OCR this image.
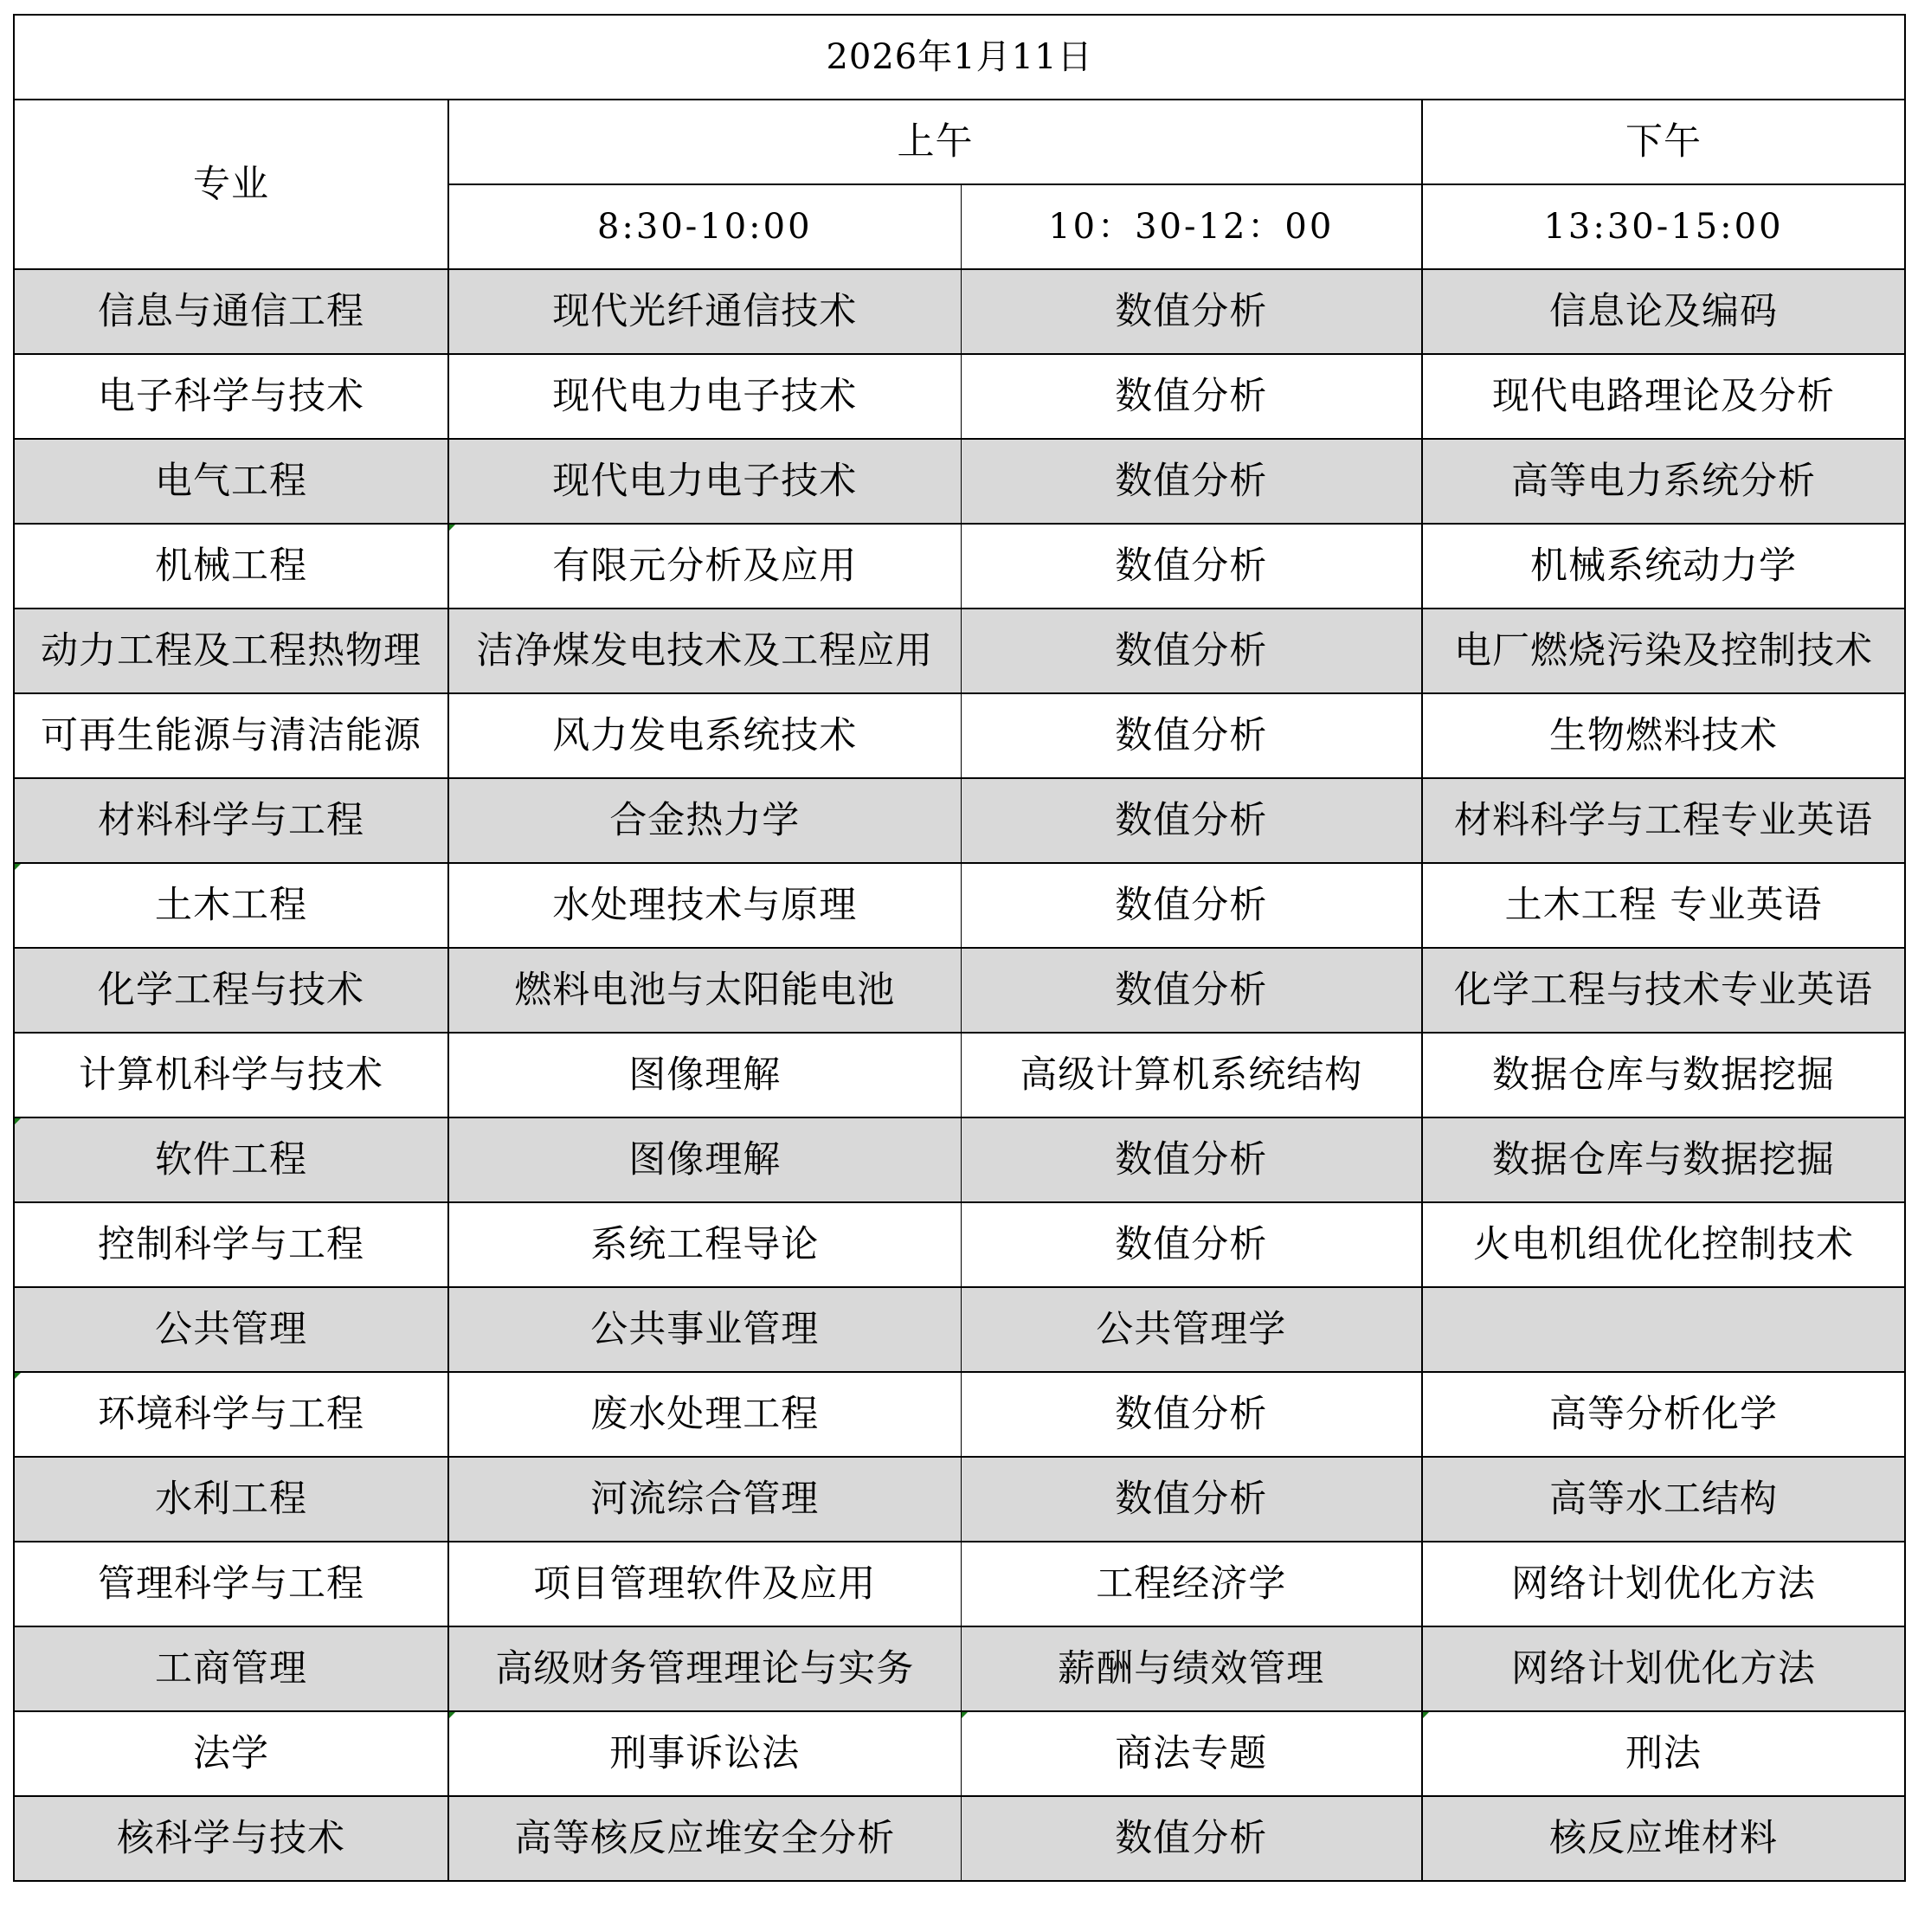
2026年1月11日			
专业	上午		下午
	8:30-10:00	10：30-12：00	13:30-15:00
信息与通信工程	现代光纤通信技术	数值分析	信息论及编码
电子科学与技术	现代电力电子技术	数值分析	现代电路理论及分析
电气工程	现代电力电子技术	数值分析	高等电力系统分析
机械工程	有限元分析及应用	数值分析	机械系统动力学
动力工程及工程热物理	洁净煤发电技术及工程应用	数值分析	电厂燃烧污染及控制技术
可再生能源与清洁能源	风力发电系统技术	数值分析	生物燃料技术
材料科学与工程	合金热力学	数值分析	材料科学与工程专业英语
土木工程	水处理技术与原理	数值分析	土木工程 专业英语
化学工程与技术	燃料电池与太阳能电池	数值分析	化学工程与技术专业英语
计算机科学与技术	图像理解	高级计算机系统结构	数据仓库与数据挖掘
软件工程	图像理解	数值分析	数据仓库与数据挖掘
控制科学与工程	系统工程导论	数值分析	火电机组优化控制技术
公共管理	公共事业管理	公共管理学	
环境科学与工程	废水处理工程	数值分析	高等分析化学
水利工程	河流综合管理	数值分析	高等水工结构
管理科学与工程	项目管理软件及应用	工程经济学	网络计划优化方法
工商管理	高级财务管理理论与实务	薪酬与绩效管理	网络计划优化方法
法学	刑事诉讼法	商法专题	刑法
核科学与技术	高等核反应堆安全分析	数值分析	核反应堆材料
